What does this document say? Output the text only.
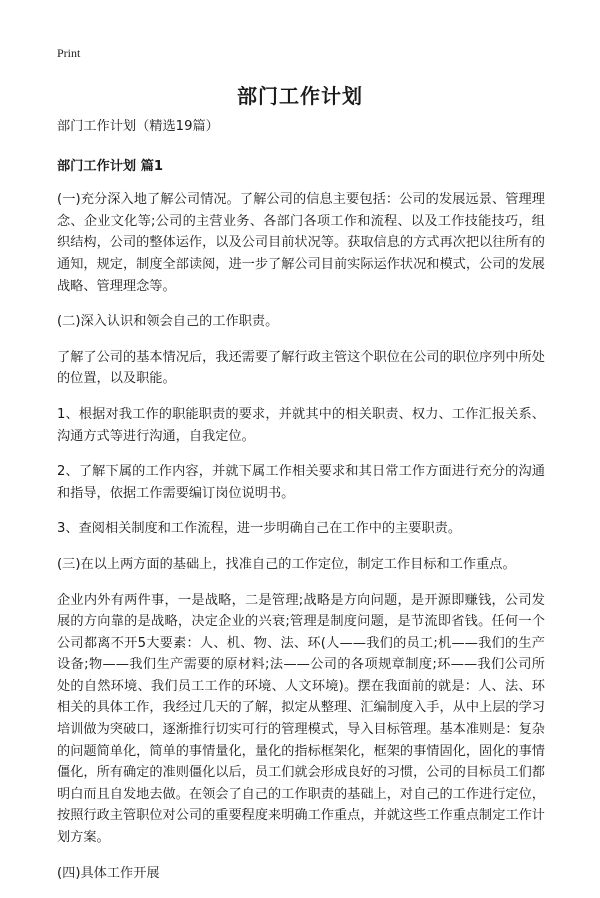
Print
部门工作计划

部门工作计划（精选19篇）

部门工作计划 篇1

(一)充分深入地了解公司情况。了解公司的信息主要包括：公司的发展远景、管理理念、企业文化等;公司的主营业务、各部门各项工作和流程、以及工作技能技巧，组织结构，公司的整体运作，以及公司目前状况等。获取信息的方式再次把以往所有的通知，规定，制度全部读阅，进一步了解公司目前实际运作状况和模式，公司的发展战略、管理理念等。

(二)深入认识和领会自己的工作职责。

了解了公司的基本情况后，我还需要了解行政主管这个职位在公司的职位序列中所处的位置，以及职能。

1、根据对我工作的职能职责的要求，并就其中的相关职责、权力、工作汇报关系、沟通方式等进行沟通，自我定位。

2、了解下属的工作内容，并就下属工作相关要求和其日常工作方面进行充分的沟通和指导，依据工作需要编订岗位说明书。

3、查阅相关制度和工作流程，进一步明确自己在工作中的主要职责。

(三)在以上两方面的基础上，找准自己的工作定位，制定工作目标和工作重点。

企业内外有两件事，一是战略，二是管理;战略是方向问题，是开源即赚钱，公司发展的方向靠的是战略，决定企业的兴衰;管理是制度问题，是节流即省钱。任何一个公司都离不开5大要素：人、机、物、法、环(人——我们的员工;机——我们的生产设备;物——我们生产需要的原材料;法——公司的各项规章制度;环——我们公司所处的自然环境、我们员工工作的环境、人文环境)。摆在我面前的就是：人、法、环相关的具体工作，我经过几天的了解，拟定从整理、汇编制度入手，从中上层的学习培训做为突破口，逐渐推行切实可行的管理模式，导入目标管理。基本准则是：复杂的问题简单化，简单的事情量化，量化的指标框架化，框架的事情固化，固化的事情僵化，所有确定的准则僵化以后，员工们就会形成良好的习惯，公司的目标员工们都明白而且自发地去做。在领会了自己的工作职责的基础上，对自己的工作进行定位，按照行政主管职位对公司的重要程度来明确工作重点，并就这些工作重点制定工作计划方案。

(四)具体工作开展
